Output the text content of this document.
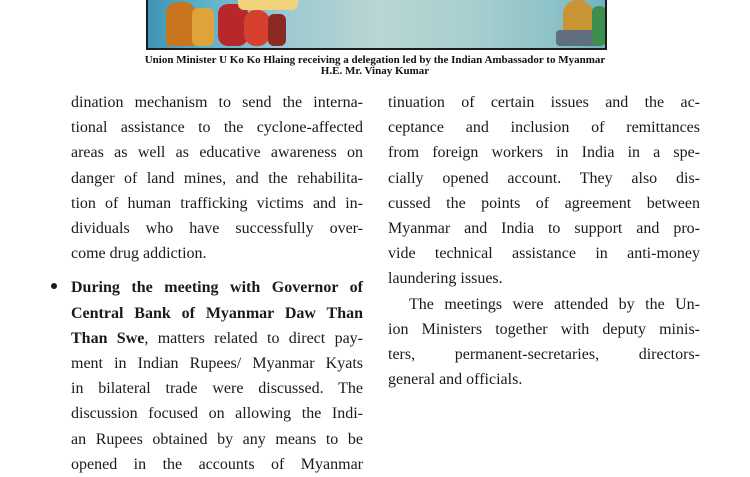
Union Minister U Ko Ko Hlaing receiving a delegation led by the Indian Ambassador to Myanmar

H.E. Mr. Vinay Kumar

dination mechanism to send the interna-
tional assistance to the cyclone-affected
areas as well as educative awareness on
danger of land mines, and the rehabilita-
tion of human trafficking victims and in-
dividuals who have successfully over-
come drug addiction.

During the meeting with Governor of
Central Bank of Myanmar Daw Than
Than Swe, matters related to direct pay-
ment in Indian Rupees/ Myanmar Kyats
in bilateral trade were discussed. The
discussion focused on allowing the Indi-
an Rupees obtained by any means to be
opened in the accounts of Myanmar

tinuation of certain issues and the ac-
ceptance and inclusion of remittances
from foreign workers in India in a spe-
cially opened account. They also dis-
cussed the points of agreement between
Myanmar and India to support and pro-
vide technical assistance in anti-money
laundering issues.

The meetings were attended by the Un-
ion Ministers together with deputy minis-
ters, permanent-secretaries, directors-
general and officials.
